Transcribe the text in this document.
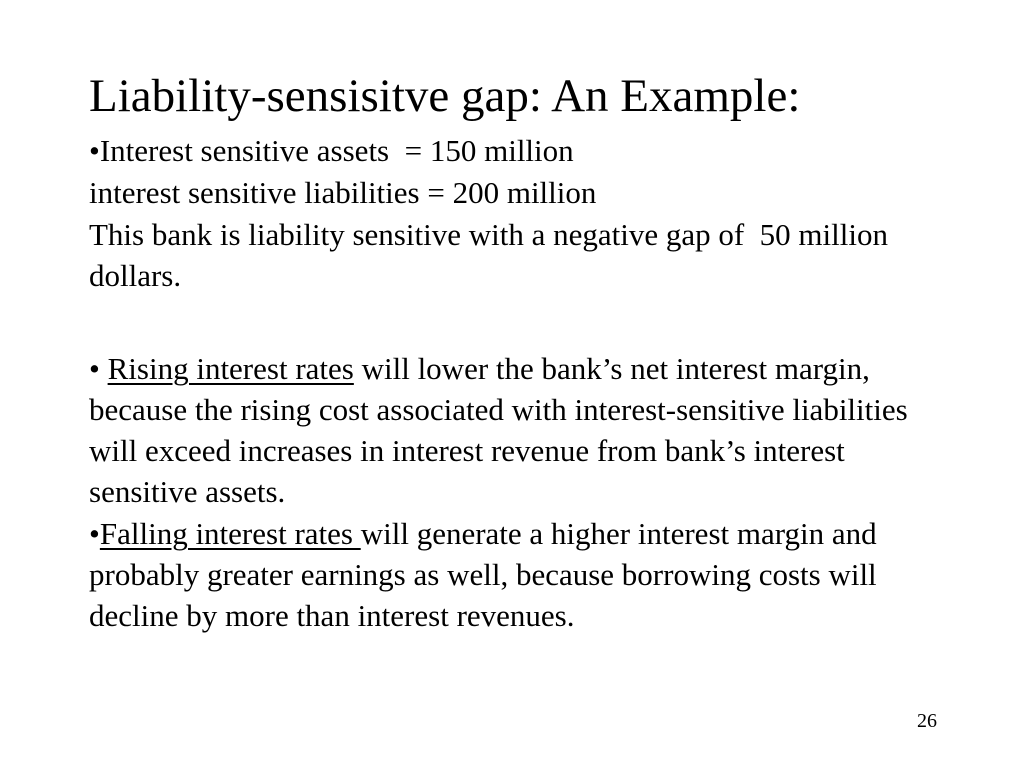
Liability-sensisitve gap: An Example:

•Interest sensitive assets  = 150 million

interest sensitive liabilities = 200 million

This bank is liability sensitive with a negative gap of  50 million dollars.

• Rising interest rates will lower the bank’s net interest margin, because the rising cost associated with interest-sensitive liabilities will exceed increases in interest revenue from bank’s interest sensitive assets.

•Falling interest rates will generate a higher interest margin and probably greater earnings as well, because borrowing costs will decline by more than interest revenues.

26
